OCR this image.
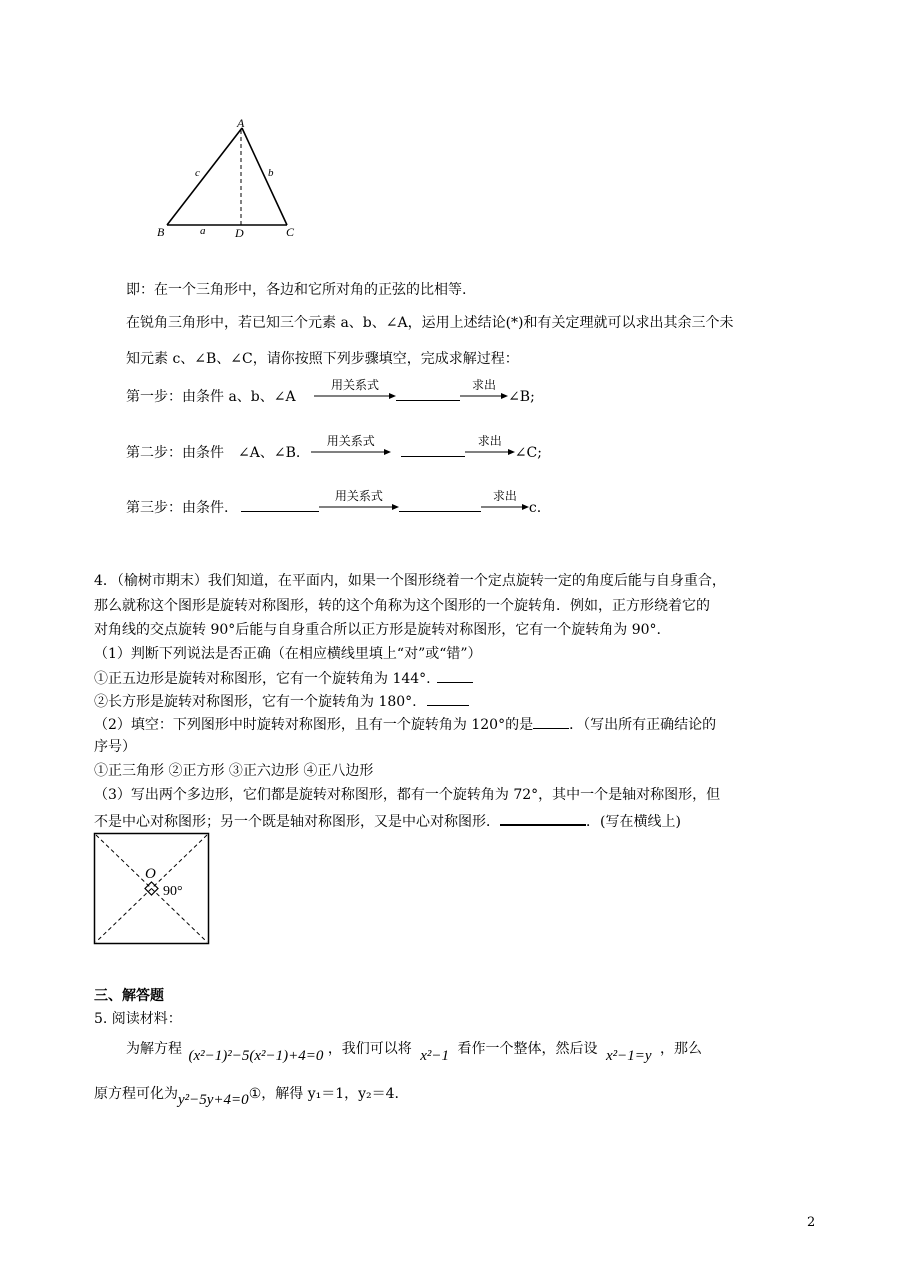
A
B	C
D
a
b
c
即：在一个三角形中，各边和它所对角的正弦的比相等.
在锐角三角形中，若已知三个元素 a、b、∠A，运用上述结论(*)和有关定理就可以求出其余三个未
知元素 c、∠B、∠C，请你按照下列步骤填空，完成求解过程：
第一步：由条件 a、b、∠A
用关系式	求出
∠B;
第二步：由条件　∠A、∠B.
用关系式	求出
∠C;
第三步：由条件.
用关系式	求出
c.
4．（榆树市期末）我们知道，在平面内，如果一个图形绕着一个定点旋转一定的角度后能与自身重合，
那么就称这个图形是旋转对称图形，转的这个角称为这个图形的一个旋转角．例如，正方形绕着它的
对角线的交点旋转 90°后能与自身重合所以正方形是旋转对称图形，它有一个旋转角为 90°.
（1）判断下列说法是否正确（在相应横线里填上“对”或“错”）
①正五边形是旋转对称图形，它有一个旋转角为 144°.
②长方形是旋转对称图形，它有一个旋转角为 180°.
（2）填空：下列图形中时旋转对称图形，且有一个旋转角为 120°的是	．（写出所有正确结论的
序号）
①正三角形 ②正方形 ③正六边形 ④正八边形
（3）写出两个多边形，它们都是旋转对称图形，都有一个旋转角为 72°，其中一个是轴对称图形，但
不是中心对称图形；另一个既是轴对称图形，又是中心对称图形．	．(写在横线上)
O
90°
三、解答题
5. 阅读材料：
为解方程 (x²−1)²−5(x²−1)+4=0 ，我们可以将 x²−1 看作一个整体，然后设 x²−1=y ，那么
原方程可化为y²−5y+4=0①，解得 y₁＝1，y₂＝4.
2
